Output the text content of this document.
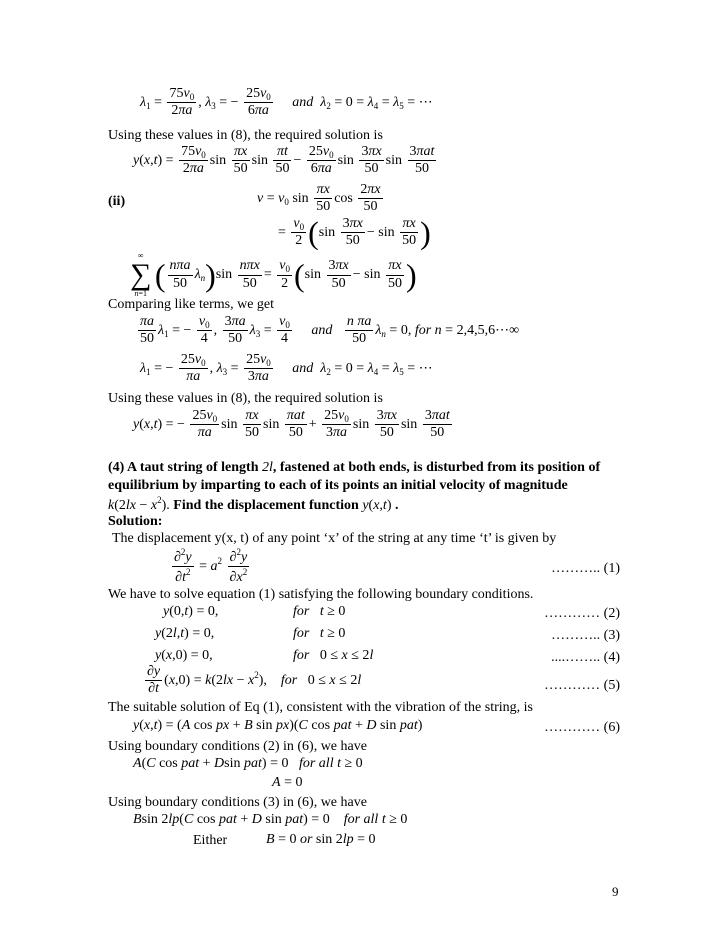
$\lambda_1 = \frac{75v_0}{2\pi a}$ , $\lambda_3$ = − $\frac{25v_0}{6\pi a}$ and $\lambda_2 = 0 = \lambda_4 = \lambda_5$ = ⋯
Using these values in (8), the required solution is
$y(x,t) = \frac{75v_0}{2\pi a}$ $\sin \frac{\pi x}{50}$ $\sin \frac{\pi t}{50} - \frac{25v_0}{6\pi a}$ $\sin \frac{3\pi x}{50}$ $\sin \frac{\text{3πat}}{50}$
(ii)	$v = v_0$ $\sin \frac{\pi x}{50}$ $\cos \frac{2\pi x}{50}$
= $\frac{v_0}{2} (\sin \frac{3\pi x}{50} - \sin \frac{\pi x}{50}$ )
∞
∑
n=1
( $\frac{\text{nπa}}{50} \lambda_n)\sin \frac{\text{nπx}}{50} = \frac{v_0}{2} (\sin \frac{3\pi x}{50} - \sin \frac{\pi x}{50}$ )
Comparing like terms, we get
$\frac{\pi a}{50} \lambda_1$ = − $\frac{v_0}{4}$ , $\frac{3\pi a}{50} \lambda_3 = \frac{v_0}{4}$ and $\frac{\text{n πa}}{50} \lambda_n = 0$, for n = 2,4,5,6⋯∞
$\lambda_1$ = − $\frac{25v_0}{\pi a}$ , $\lambda_3 = \frac{25v_0}{3\pi a}$ and $\lambda_2 = 0 = \lambda_4 = \lambda_5$ = ⋯
Using these values in (8), the required solution is
y(x,t) = − $\frac{25v_0}{\pi a}$ $\sin \frac{\pi x}{50}$ $\sin \frac{\text{πat}}{50} + \frac{25v_0}{3\pi a}$ $\sin \frac{3\pi x}{50}$ $\sin \frac{\text{3πat}}{50}$
(4) A taut string of length 2l, fastened at both ends, is disturbed from its position of
equilibrium by imparting to each of its points an initial velocity of magnitude
$k(2lx - x^2)$. Find the displacement function y(x,t) .
Solution:
The displacement y(x, t) of any point ‘x’ of the string at any time ‘t’ is given by
$\frac{\partial^2y}{\partial t^2} = a^2 \frac{\partial^2y}{\partial x^2}$	……….. (1)
We have to solve equation (1) satisfying the following boundary conditions.
y(0,t) = 0,	for t ≥ 0	………… (2)
y(2l,t) = 0,	for t ≥ 0	……….. (3)
y(x,0) = 0,	for   0 ≤ x ≤ 2l	....…….. (4)
$\frac{\partial y}{\partial t} (x,0) = k(2lx - x^2)$,    for   0 ≤ x ≤ 2l	………… (5)
The suitable solution of Eq (1), consistent with the vibration of the string, is
y(x,t) = (A cos px + B sin px)(C cos pat + D sin pat)	………… (6)
Using boundary conditions (2) in (6), we have
A(C cos pat + Dsin pat) = 0   for all t ≥ 0
A = 0
Using boundary conditions (3) in (6), we have
Bsin 2lp(C cos pat + D sin pat) = 0    for all t ≥ 0
Either	B = 0 or sin 2lp = 0
9
